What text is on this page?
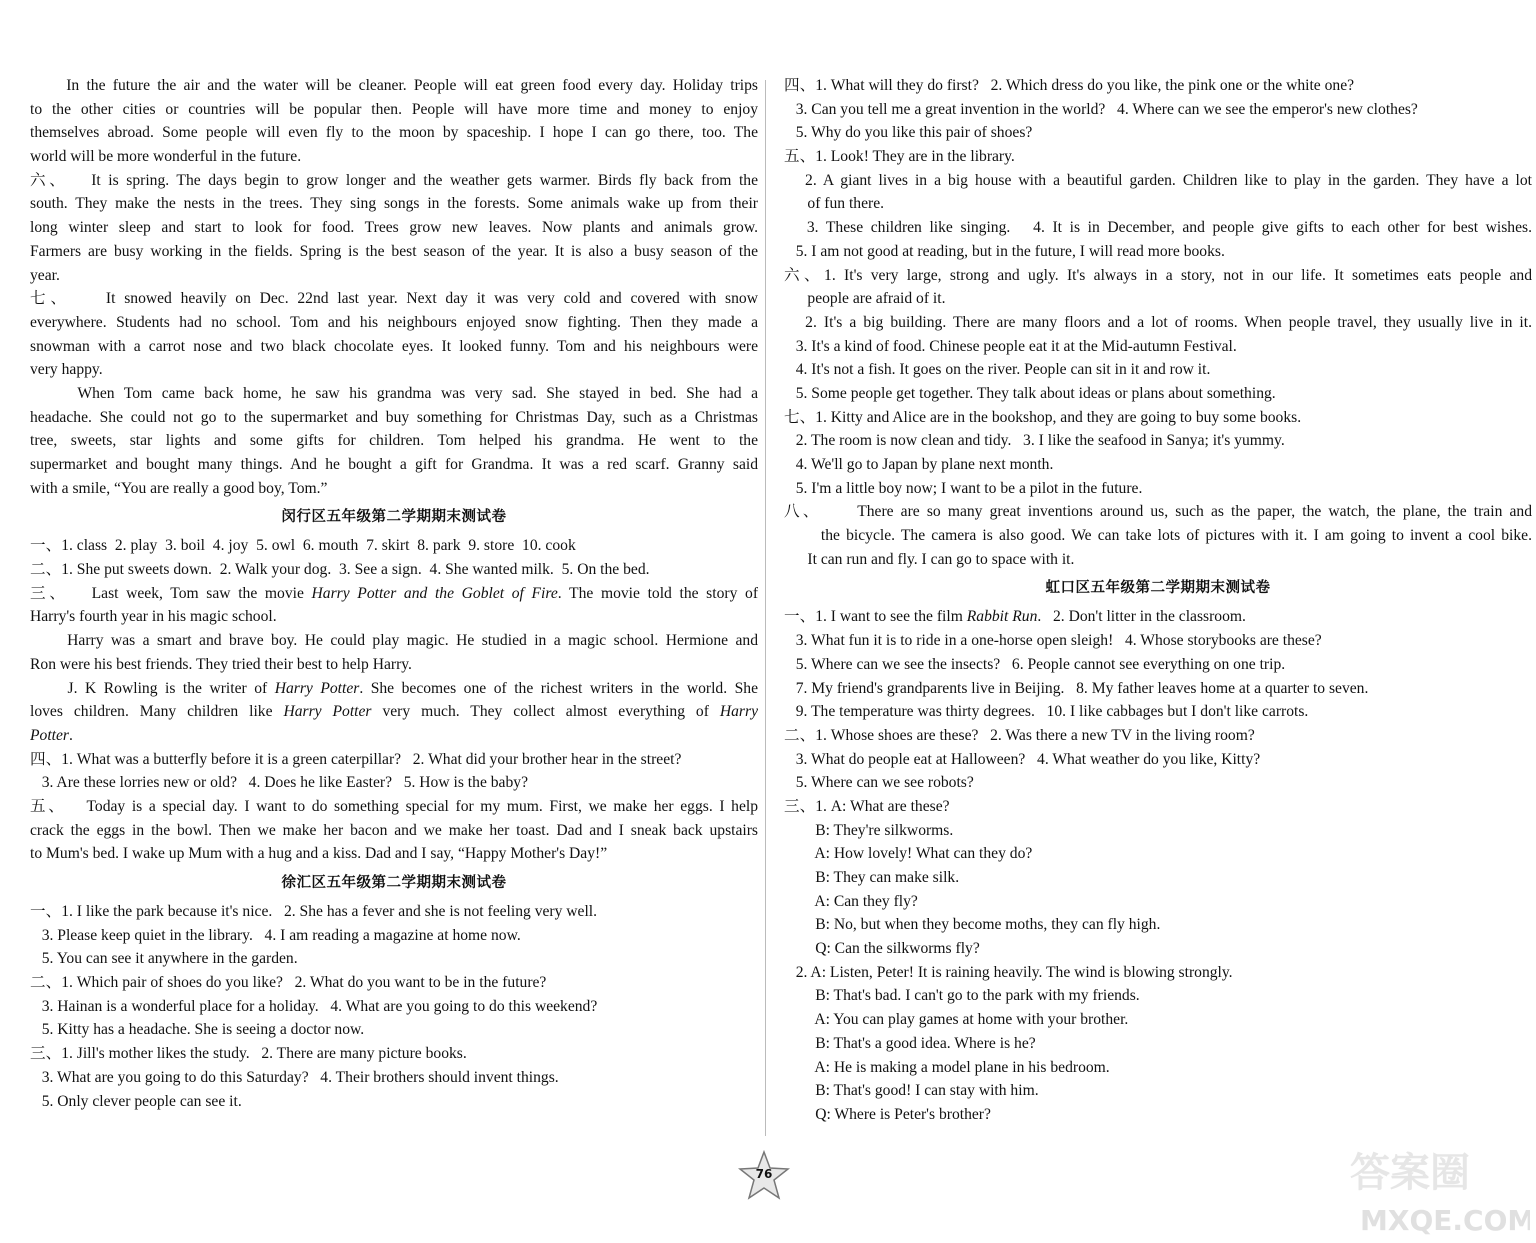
In the future the air and the water will be cleaner. People will eat green food every day. Holiday trips
to the other cities or countries will be popular then. People will have more time and money to enjoy
themselves abroad. Some people will even fly to the moon by spaceship. I hope I can go there, too. The
world will be more wonderful in the future.
六、   It is spring. The days begin to grow longer and the weather gets warmer. Birds fly back from the
south. They make the nests in the trees. They sing songs in the forests. Some animals wake up from their
long winter sleep and start to look for food. Trees grow new leaves. Now plants and animals grow.
Farmers are busy working in the fields. Spring is the best season of the year. It is also a busy season of the
year.
七、    It snowed heavily on Dec. 22nd last year. Next day it was very cold and covered with snow
everywhere. Students had no school. Tom and his neighbours enjoyed snow fighting. Then they made a
snowman with a carrot nose and two black chocolate eyes. It looked funny. Tom and his neighbours were
very happy.
When Tom came back home, he saw his grandma was very sad. She stayed in bed. She had a
headache. She could not go to the supermarket and buy something for Christmas Day, such as a Christmas
tree, sweets, star lights and some gifts for children. Tom helped his grandma. He went to the
supermarket and bought many things. And he bought a gift for Grandma. It was a red scarf. Granny said
with a smile, “You are really a good boy, Tom.”
闵行区五年级第二学期期末测试卷
一、1. class  2. play  3. boil  4. joy  5. owl  6. mouth  7. skirt  8. park  9. store  10. cook
二、1. She put sweets down.  2. Walk your dog.  3. See a sign.  4. She wanted milk.  5. On the bed.
三、   Last week, Tom saw the movie Harry Potter and the Goblet of Fire. The movie told the story of
Harry's fourth year in his magic school.
Harry was a smart and brave boy. He could play magic. He studied in a magic school. Hermione and
Ron were his best friends. They tried their best to help Harry.
J. K Rowling is the writer of Harry Potter. She becomes one of the richest writers in the world. She
loves children. Many children like Harry Potter very much. They collect almost everything of Harry
Potter.
四、1. What was a butterfly before it is a green caterpillar?   2. What did your brother hear in the street?
3. Are these lorries new or old?   4. Does he like Easter?   5. How is the baby?
五、   Today is a special day. I want to do something special for my mum. First, we make her eggs. I help
crack the eggs in the bowl. Then we make her bacon and we make her toast. Dad and I sneak back upstairs
to Mum's bed. I wake up Mum with a hug and a kiss. Dad and I say, “Happy Mother's Day!”
徐汇区五年级第二学期期末测试卷
一、1. I like the park because it's nice.   2. She has a fever and she is not feeling very well.
3. Please keep quiet in the library.   4. I am reading a magazine at home now.
5. You can see it anywhere in the garden.
二、1. Which pair of shoes do you like?   2. What do you want to be in the future?
3. Hainan is a wonderful place for a holiday.   4. What are you going to do this weekend?
5. Kitty has a headache. She is seeing a doctor now.
三、1. Jill's mother likes the study.   2. There are many picture books.
3. What are you going to do this Saturday?   4. Their brothers should invent things.
5. Only clever people can see it.
四、1. What will they do first?   2. Which dress do you like, the pink one or the white one?
3. Can you tell me a great invention in the world?   4. Where can we see the emperor's new clothes?
5. Why do you like this pair of shoes?
五、1. Look! They are in the library.
2. A giant lives in a big house with a beautiful garden. Children like to play in the garden. They have a lot
of fun there.
3. These children like singing.   4. It is in December, and people give gifts to each other for best wishes.
5. I am not good at reading, but in the future, I will read more books.
六、1. It's very large, strong and ugly. It's always in a story, not in our life. It sometimes eats people and
people are afraid of it.
2. It's a big building. There are many floors and a lot of rooms. When people travel, they usually live in it.
3. It's a kind of food. Chinese people eat it at the Mid-autumn Festival.
4. It's not a fish. It goes on the river. People can sit in it and row it.
5. Some people get together. They talk about ideas or plans about something.
七、1. Kitty and Alice are in the bookshop, and they are going to buy some books.
2. The room is now clean and tidy.   3. I like the seafood in Sanya; it's yummy.
4. We'll go to Japan by plane next month.
5. I'm a little boy now; I want to be a pilot in the future.
八、     There are so many great inventions around us, such as the paper, the watch, the plane, the train and
the bicycle. The camera is also good. We can take lots of pictures with it. I am going to invent a cool bike.
It can run and fly. I can go to space with it.
虹口区五年级第二学期期末测试卷
一、1. I want to see the film Rabbit Run.   2. Don't litter in the classroom.
3. What fun it is to ride in a one-horse open sleigh!   4. Whose storybooks are these?
5. Where can we see the insects?   6. People cannot see everything on one trip.
7. My friend's grandparents live in Beijing.   8. My father leaves home at a quarter to seven.
9. The temperature was thirty degrees.   10. I like cabbages but I don't like carrots.
二、1. Whose shoes are these?   2. Was there a new TV in the living room?
3. What do people eat at Halloween?   4. What weather do you like, Kitty?
5. Where can we see robots?
三、1. A: What are these?
B: They're silkworms.
A: How lovely! What can they do?
B: They can make silk.
A: Can they fly?
B: No, but when they become moths, they can fly high.
Q: Can the silkworms fly?
2. A: Listen, Peter! It is raining heavily. The wind is blowing strongly.
B: That's bad. I can't go to the park with my friends.
A: You can play games at home with your brother.
B: That's a good idea. Where is he?
A: He is making a model plane in his bedroom.
B: That's good! I can stay with him.
Q: Where is Peter's brother?
76	答案圈
MXQE.COM
